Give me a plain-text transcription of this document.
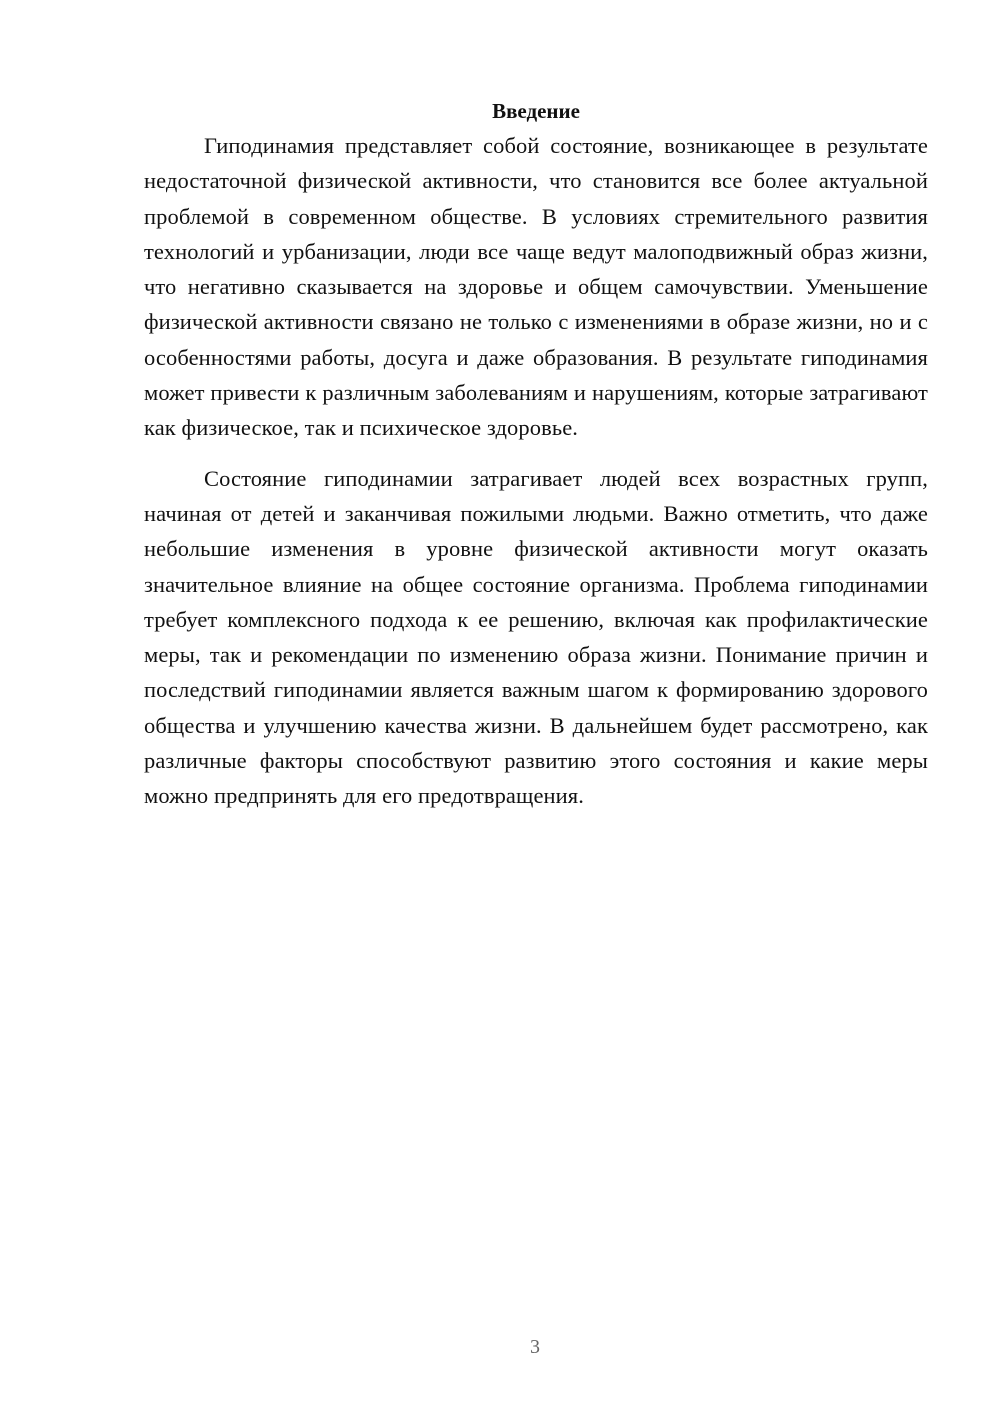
Введение

Гиподинамия представляет собой состояние, возникающее в результате недостаточной физической активности, что становится все более актуальной проблемой в современном обществе. В условиях стремительного развития технологий и урбанизации, люди все чаще ведут малоподвижный образ жизни, что негативно сказывается на здоровье и общем самочувствии. Уменьшение физической активности связано не только с изменениями в образе жизни, но и с особенностями работы, досуга и даже образования. В результате гиподинамия может привести к различным заболеваниям и нарушениям, которые затрагивают как физическое, так и психическое здоровье.

Состояние гиподинамии затрагивает людей всех возрастных групп, начиная от детей и заканчивая пожилыми людьми. Важно отметить, что даже небольшие изменения в уровне физической активности могут оказать значительное влияние на общее состояние организма. Проблема гиподинамии требует комплексного подхода к ее решению, включая как профилактические меры, так и рекомендации по изменению образа жизни. Понимание причин и последствий гиподинамии является важным шагом к формированию здорового общества и улучшению качества жизни. В дальнейшем будет рассмотрено, как различные факторы способствуют развитию этого состояния и какие меры можно предпринять для его предотвращения.

3
